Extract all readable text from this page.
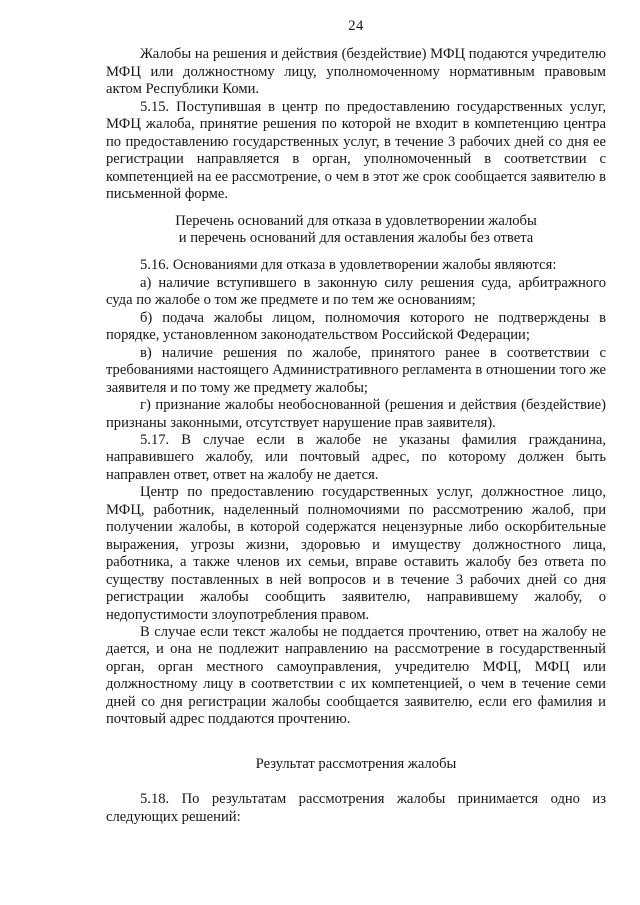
24

Жалобы на решения и действия (бездействие) МФЦ подаются учредителю МФЦ или должностному лицу, уполномоченному нормативным правовым актом Республики Коми.

5.15. Поступившая в центр по предоставлению государственных услуг, МФЦ жалоба, принятие решения по которой не входит в компетенцию центра по предоставлению государственных услуг, в течение 3 рабочих дней со дня ее регистрации направляется в орган, уполномоченный в соответствии с компетенцией на ее рассмотрение, о чем в этот же срок сообщается заявителю в письменной форме.

Перечень оснований для отказа в удовлетворении жалобы
и перечень оснований для оставления жалобы без ответа

5.16. Основаниями для отказа в удовлетворении жалобы являются:

а) наличие вступившего в законную силу решения суда, арбитражного суда по жалобе о том же предмете и по тем же основаниям;

б) подача жалобы лицом, полномочия которого не подтверждены в порядке, установленном законодательством Российской Федерации;

в) наличие решения по жалобе, принятого ранее в соответствии с требованиями настоящего Административного регламента в отношении того же заявителя и по тому же предмету жалобы;

г) признание жалобы необоснованной (решения и действия (бездействие) признаны законными, отсутствует нарушение прав заявителя).

5.17. В случае если в жалобе не указаны фамилия гражданина, направившего жалобу, или почтовый адрес, по которому должен быть направлен ответ, ответ на жалобу не дается.

Центр по предоставлению государственных услуг, должностное лицо, МФЦ, работник, наделенный полномочиями по рассмотрению жалоб, при получении жалобы, в которой содержатся нецензурные либо оскорбительные выражения, угрозы жизни, здоровью и имуществу должностного лица, работника, а также членов их семьи, вправе оставить жалобу без ответа по существу поставленных в ней вопросов и в течение 3 рабочих дней со дня регистрации жалобы сообщить заявителю, направившему жалобу, о недопустимости злоупотребления правом.

В случае если текст жалобы не поддается прочтению, ответ на жалобу не дается, и она не подлежит направлению на рассмотрение в государственный орган, орган местного самоуправления, учредителю МФЦ, МФЦ или должностному лицу в соответствии с их компетенцией, о чем в течение семи дней со дня регистрации жалобы сообщается заявителю, если его фамилия и почтовый адрес поддаются прочтению.

Результат рассмотрения жалобы

5.18. По результатам рассмотрения жалобы принимается одно из следующих решений:
